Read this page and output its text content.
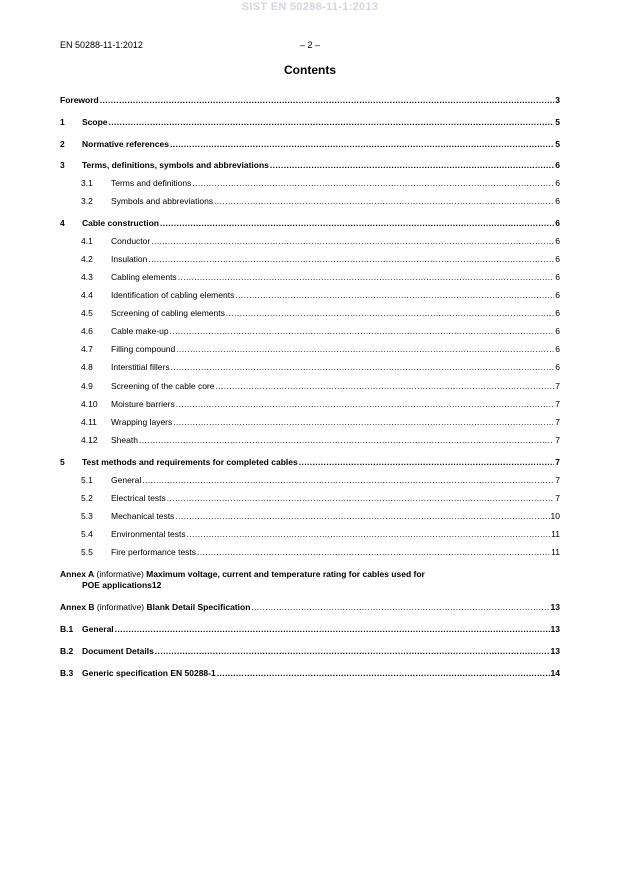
SIST EN 50288-11-1:2013
EN 50288-11-1:2012	– 2 –
Contents
Annex A (informative) Maximum voltage, current and temperature rating for cables used for
POE applications 12
Annex B (informative) Blank Detail Specification .....	13
Foreword .....	3
1	Scope .....	5
2	Normative references .....	5
3	Terms, definitions, symbols and abbreviations .....	6
3.1	Terms and definitions .....	6
3.2	Symbols and abbreviations .....	6
4	Cable construction .....	6
4.1	Conductor .....	6
4.2	Insulation .....	6
4.3	Cabling elements .....	6
4.4	Identification of cabling elements .....	6
4.5	Screening of cabling elements .....	6
4.6	Cable make-up .....	6
4.7	Filling compound .....	6
4.8	Interstitial fillers .....	6
4.9	Screening of the cable core .....	7
4.10	Moisture barriers .....	7
4.11	Wrapping layers .....	7
4.12	Sheath .....	7
5	Test methods and requirements for completed cables .....	7
5.1	General .....	7
5.2	Electrical tests .....	7
5.3	Mechanical tests .....	10
5.4	Environmental tests .....	11
5.5	Fire performance tests .....	11
B.1	General .....	13
B.2	Document Details .....	13
B.3	Generic specification EN 50288-1 .....	14
